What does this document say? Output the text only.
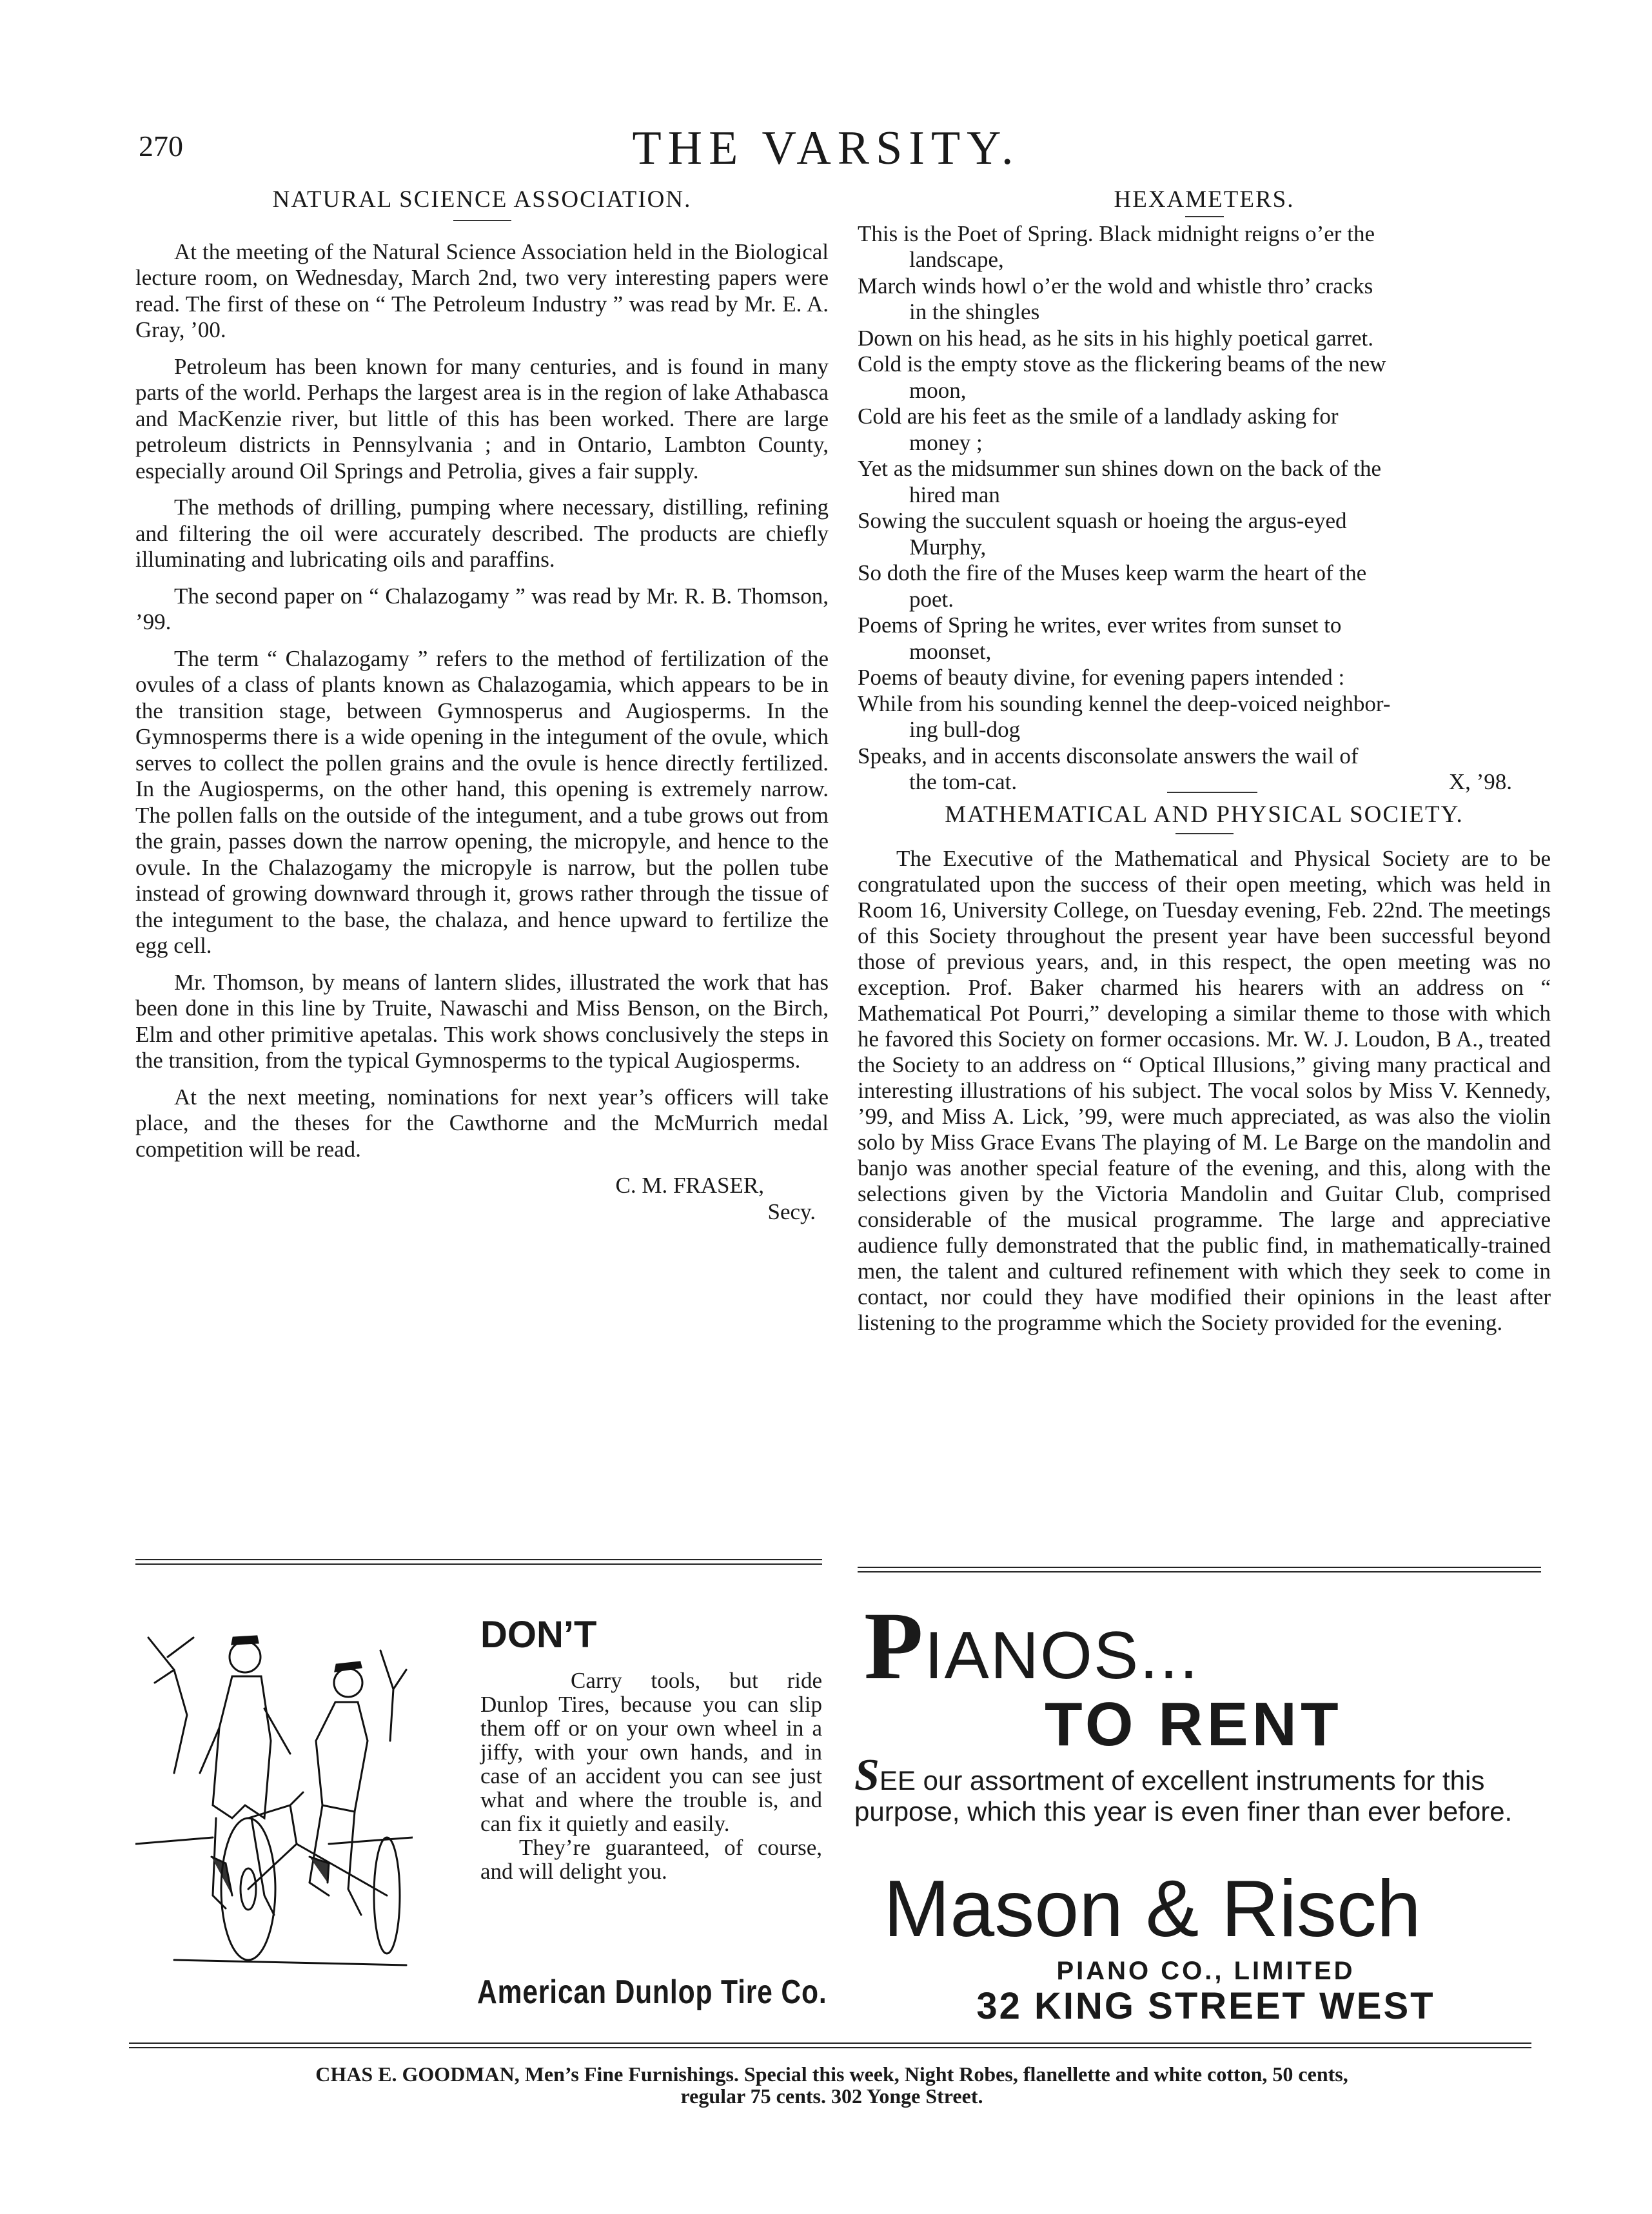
270	THE VARSITY.
NATURAL SCIENCE ASSOCIATION.

At the meeting of the Natural Science Association held in the Biological lecture room, on Wednesday, March 2nd, two very interesting papers were read. The first of these on “ The Petroleum Industry ” was read by Mr. E. A. Gray, ’00.

Petroleum has been known for many centuries, and is found in many parts of the world. Perhaps the largest area is in the region of lake Athabasca and MacKenzie river, but little of this has been worked. There are large petroleum districts in Pennsylvania ; and in Ontario, Lambton County, especially around Oil Springs and Petrolia, gives a fair supply.

The methods of drilling, pumping where necessary, distilling, refining and filtering the oil were accurately described. The products are chiefly illuminating and lubricating oils and paraffins.

The second paper on “ Chalazogamy ” was read by Mr. R. B. Thomson, ’99.

The term “ Chalazogamy ” refers to the method of fertilization of the ovules of a class of plants known as Chalazogamia, which appears to be in the transition stage, between Gymnosperus and Augiosperms. In the Gymnosperms there is a wide opening in the integument of the ovule, which serves to collect the pollen grains and the ovule is hence directly fertilized. In the Augiosperms, on the other hand, this opening is extremely narrow. The pollen falls on the outside of the integument, and a tube grows out from the grain, passes down the narrow opening, the micropyle, and hence to the ovule. In the Chalazogamy the micropyle is narrow, but the pollen tube instead of growing downward through it, grows rather through the tissue of the integument to the base, the chalaza, and hence upward to fertilize the egg cell.

Mr. Thomson, by means of lantern slides, illustrated the work that has been done in this line by Truite, Nawaschi and Miss Benson, on the Birch, Elm and other primitive apetalas. This work shows conclusively the steps in the transition, from the typical Gymnosperms to the typical Augiosperms.

At the next meeting, nominations for next year’s officers will take place, and the theses for the Cawthorne and the McMurrich medal competition will be read.

C. M. FRASER,
Secy.
HEXAMETERS.

This is the Poet of Spring. Black midnight reigns o’er the

landscape,

March winds howl o’er the wold and whistle thro’ cracks

in the shingles

Down on his head, as he sits in his highly poetical garret.

Cold is the empty stove as the flickering beams of the new

moon,

Cold are his feet as the smile of a landlady asking for

money ;

Yet as the midsummer sun shines down on the back of the

hired man

Sowing the succulent squash or hoeing the argus-eyed

Murphy,

So doth the fire of the Muses keep warm the heart of the

poet.

Poems of Spring he writes, ever writes from sunset to

moonset,

Poems of beauty divine, for evening papers intended :

While from his sounding kennel the deep-voiced neighbor-

ing bull-dog

Speaks, and in accents disconsolate answers the wail of

the tom-cat.	X, ’98.
MATHEMATICAL AND PHYSICAL SOCIETY.

The Executive of the Mathematical and Physical Society are to be congratulated upon the success of their open meeting, which was held in Room 16, University College, on Tuesday evening, Feb. 22nd. The meetings of this Society throughout the present year have been successful beyond those of previous years, and, in this respect, the open meeting was no exception. Prof. Baker charmed his hearers with an address on “ Mathematical Pot Pourri,” developing a similar theme to those with which he favored this Society on former occasions. Mr. W. J. Loudon, B A., treated the Society to an address on “ Optical Illusions,” giving many practical and interesting illustrations of his subject. The vocal solos by Miss V. Kennedy, ’99, and Miss A. Lick, ’99, were much appreciated, as was also the violin solo by Miss Grace Evans The playing of M. Le Barge on the mandolin and banjo was another special feature of the evening, and this, along with the selections given by the Victoria Mandolin and Guitar Club, comprised considerable of the musical programme. The large and appreciative audience fully demonstrated that the public find, in mathematically-trained men, the talent and cultured refinement with which they seek to come in contact, nor could they have modified their opinions in the least after listening to the programme which the Society provided for the evening.

DON’T

Carry tools, but ride Dunlop Tires, because you can slip them off or on your own wheel in a jiffy, with your own hands, and in case of an accident you can see just what and where the trouble is, and can fix it quietly and easily.

They’re guaranteed, of course, and will delight you.

American Dunlop Tire Co.
PIANOS...
TO RENT
SEE our assortment of excellent instruments for this purpose, which this year is even finer than ever before.
Mason & Risch
PIANO CO., LIMITED
32 KING STREET WEST
CHAS E. GOODMAN, Men’s Fine Furnishings. Special this week, Night Robes, flanellette and white cotton, 50 cents,
regular 75 cents. 302 Yonge Street.
